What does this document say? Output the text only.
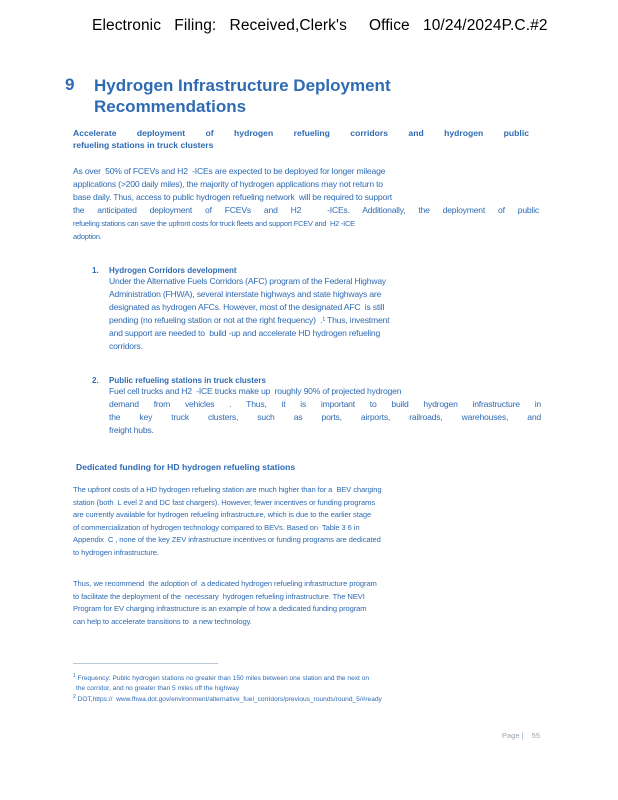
Electronic   Filing:   Received,Clerk's     Office   10/24/2024P.C.#2
9 Hydrogen Infrastructure Deployment
Recommendations
Accelerate deployment of hydrogen refueling corridors and hydrogen public
refueling stations in truck clusters
As over  50% of FCEVs and H2  -ICEs are expected to be deployed for longer mileage
applications (>200 daily miles), the majority of hydrogen applications may not return to
base daily. Thus, access to public hydrogen refueling network  will be required to support
the anticipated deployment of FCEVs and H2  -ICEs. Additionally, the deployment of public
refueling stations can save the upfront costs for truck fleets and support FCEV and  H2 -ICE
adoption.
1. Hydrogen Corridors development
Under the Alternative Fuels Corridors (AFC) program of the Federal Highway
Administration (FHWA), several interstate highways and state highways are
designated as hydrogen AFCs. However, most of the designated AFC  is still
pending (no refueling station or not at the right frequency)  .¹ Thus, investment
and support are needed to  build -up and accelerate HD hydrogen refueling
corridors.
2. Public refueling stations in truck clusters
Fuel cell trucks and H2  -ICE trucks make up  roughly 90% of projected hydrogen
demand from vehicles . Thus, it is important to build hydrogen infrastructure in
the key truck clusters, such as ports, airports, railroads, warehouses, and
freight hubs.
Dedicated funding for HD hydrogen refueling stations
The upfront costs of a HD hydrogen refueling station are much higher than for a  BEV charging
station (both  L evel 2 and DC fast chargers). However, fewer incentives or funding programs
are currently available for hydrogen refueling infrastructure, which is due to the earlier stage
of commercialization of hydrogen technology compared to BEVs. Based on  Table 3 6 in
Appendix  C , none of the key ZEV infrastructure incentives or funding programs are dedicated
to hydrogen infrastructure.
Thus, we recommend  the adoption of  a dedicated hydrogen refueling infrastructure program
to facilitate the deployment of the  necessary  hydrogen refueling infrastructure. The NEVI
Program for EV charging infrastructure is an example of how a dedicated funding program
can help to accelerate transitions to  a new technology.
$^1$ Frequency: Public hydrogen stations no greater than 150 miles between one station and the next on
the corridor, and no greater than 5 miles off the highway
$^2$ DOT,https://  www.fhwa.dot.gov/environment/alternative_fuel_corridors/previous_rounds/round_5/#ready
Page | 55
